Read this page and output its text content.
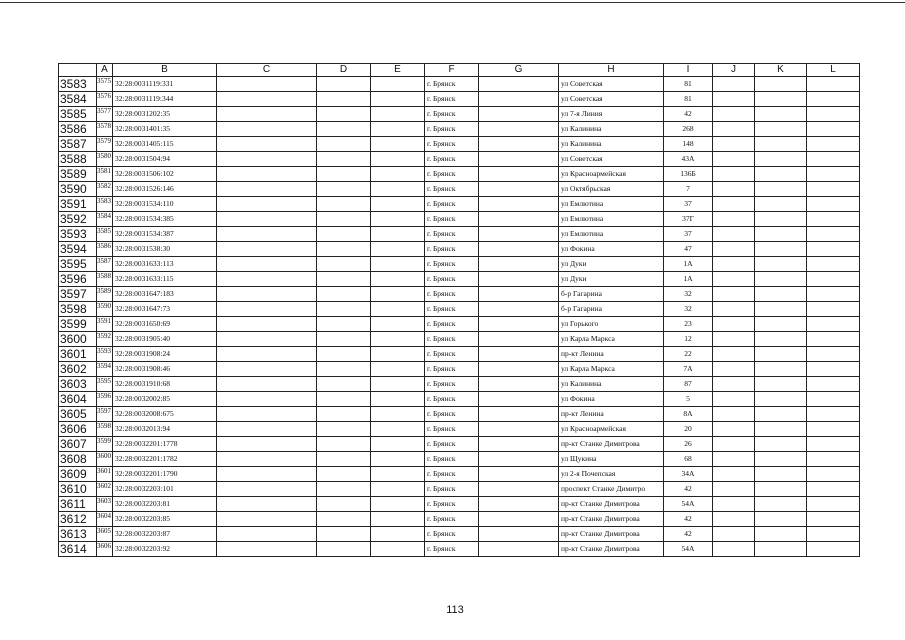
	A	B	C	D	E	F	G	H	I	J	K	L
3583	3575	32:28:0031119:331				г. Брянск		ул Советская	81			
3584	3576	32:28:0031119:344				г. Брянск		ул Советская	81			
3585	3577	32:28:0031202:35				г. Брянск		ул 7-я Линия	42			
3586	3578	32:28:0031401:35				г. Брянск		ул Калинина	268			
3587	3579	32:28:0031405:115				г. Брянск		ул Калинина	148			
3588	3580	32:28:0031504:94				г. Брянск		ул Советская	43А			
3589	3581	32:28:0031506:102				г. Брянск		ул Красноармейская	136Б			
3590	3582	32:28:0031526:146				г. Брянск		ул Октябрьская	7			
3591	3583	32:28:0031534:110				г. Брянск		ул Емлютина	37			
3592	3584	32:28:0031534:385				г. Брянск		ул Емлютина	37Г			
3593	3585	32:28:0031534:387				г. Брянск		ул Емлютина	37			
3594	3586	32:28:0031538:30				г. Брянск		ул Фокина	47			
3595	3587	32:28:0031633:113				г. Брянск		ул Дуки	1А			
3596	3588	32:28:0031633:115				г. Брянск		ул Дуки	1А			
3597	3589	32:28:0031647:183				г. Брянск		б-р Гагарина	32			
3598	3590	32:28:0031647:73				г. Брянск		б-р Гагарина	32			
3599	3591	32:28:0031650:69				г. Брянск		ул Горького	23			
3600	3592	32:28:0031905:40				г. Брянск		ул Карла Маркса	12			
3601	3593	32:28:0031908:24				г. Брянск		пр-кт Ленина	22			
3602	3594	32:28:0031908:46				г. Брянск		ул Карла Маркса	7А			
3603	3595	32:28:0031910:68				г. Брянск		ул Калинина	87			
3604	3596	32:28:0032002:85				г. Брянск		ул Фокина	5			
3605	3597	32:28:0032008:675				г. Брянск		пр-кт Ленина	8А			
3606	3598	32:28:0032013:94				г. Брянск		ул Красноармейская	20			
3607	3599	32:28:0032201:1778				г. Брянск		пр-кт Станке Димитрова	26			
3608	3600	32:28:0032201:1782				г. Брянск		ул Щукина	68			
3609	3601	32:28:0032201:1790				г. Брянск		ул 2-я Почепская	34А			
3610	3602	32:28:0032203:101				г. Брянск		проспект Станке Димитро	42			
3611	3603	32:28:0032203:81				г. Брянск		пр-кт Станке Димитрова	54А			
3612	3604	32:28:0032203:85				г. Брянск		пр-кт Станке Димитрова	42			
3613	3605	32:28:0032203:87				г. Брянск		пр-кт Станке Димитрова	42			
3614	3606	32:28:0032203:92				г. Брянск		пр-кт Станке Димитрова	54А			
113
